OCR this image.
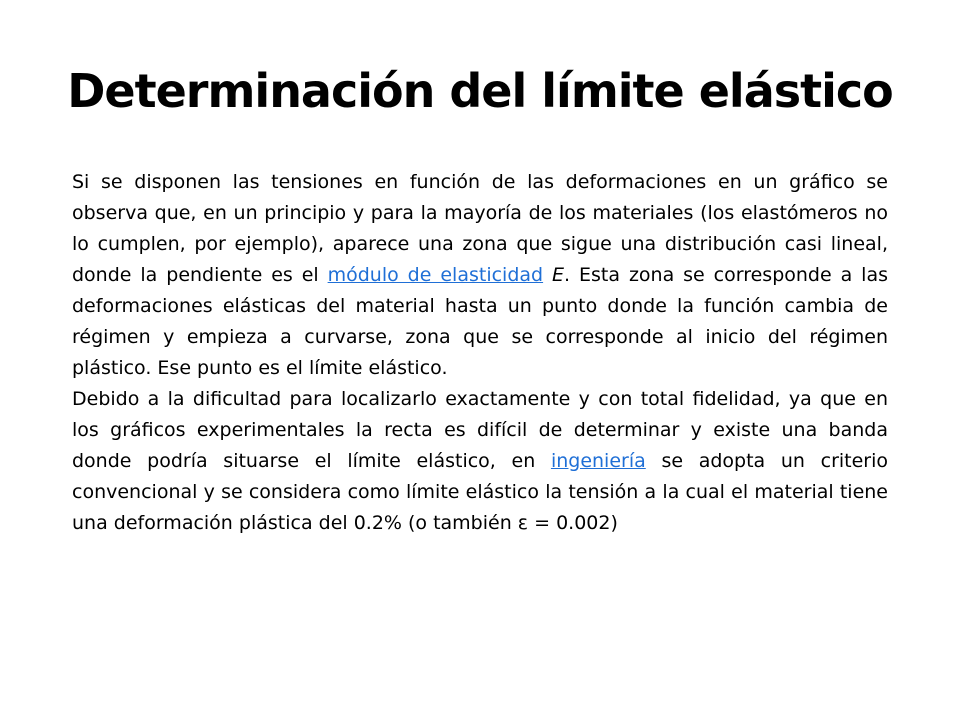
Determinación del límite elástico

Si se disponen las tensiones en función de las deformaciones en un gráfico se observa que, en un principio y para la mayoría de los materiales (los elastómeros no lo cumplen, por ejemplo), aparece una zona que sigue una distribución casi lineal, donde la pendiente es el módulo de elasticidad E. Esta zona se corresponde a las deformaciones elásticas del material hasta un punto donde la función cambia de régimen y empieza a curvarse, zona que se corresponde al inicio del régimen plástico. Ese punto es el límite elástico.

Debido a la dificultad para localizarlo exactamente y con total fidelidad, ya que en los gráficos experimentales la recta es difícil de determinar y existe una banda donde podría situarse el límite elástico, en ingeniería se adopta un criterio convencional y se considera como límite elástico la tensión a la cual el material tiene una deformación plástica del 0.2% (o también ε = 0.002)
